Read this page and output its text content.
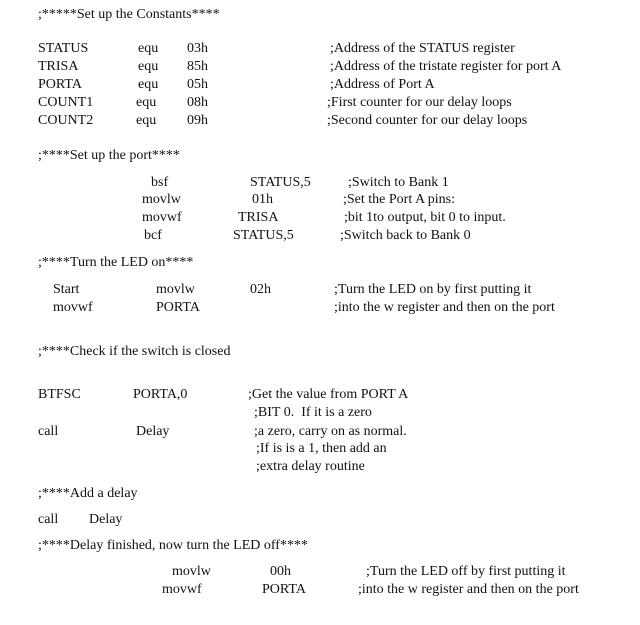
;*****Set up the Constants****
STATUS	equ 03h	;Address of the STATUS register
TRISA	equ 85h	;Address of the tristate register for port A
PORTA	equ 05h	;Address of Port A
COUNT1	equ 08h	;First counter for our delay loops
COUNT2	equ 09h	;Second counter for our delay loops
;****Set up the port****
bsf	STATUS,5	;Switch to Bank 1
movlw	01h	;Set the Port A pins:
movwf	TRISA	;bit 1to output, bit 0 to input.
bcf	STATUS,5	;Switch back to Bank 0
;****Turn the LED on****
Start	movlw	02h	;Turn the LED on by first putting it
movwf	PORTA	;into the w register and then on the port
;****Check if the switch is closed
BTFSC	PORTA,0	;Get the value from PORT A
;BIT 0.  If it is a zero
call	Delay	;a zero, carry on as normal.
;If is is a 1, then add an
;extra delay routine
;****Add a delay
call Delay
;****Delay finished, now turn the LED off****
movlw	00h	;Turn the LED off by first putting it
movwf	PORTA	;into the w register and then on the port
